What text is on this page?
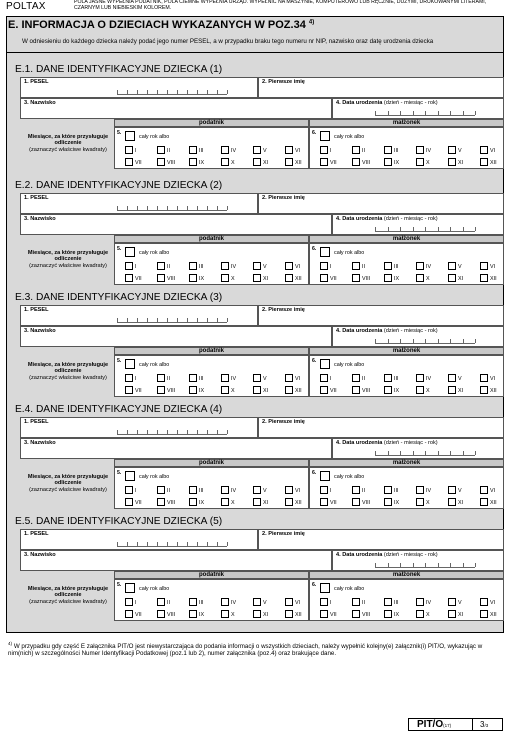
POLTAX	POLA JASNE WYPEŁNIA PODATNIK, POLA CIEMNE WYPEŁNIA URZĄD. WYPEŁNIĆ NA MASZYNIE, KOMPUTEROWO LUB RĘCZNIE, DUŻYMI, DRUKOWANYMI LITERAMI, CZARNYM LUB NIEBIESKIM KOLOREM.
E. INFORMACJA O DZIECIACH WYKAZANYCH W POZ.34 $^{4)}$
W odniesieniu do każdego dziecka należy podać jego numer PESEL, a w przypadku braku tego numeru nr NIP, nazwisko oraz datę urodzenia dziecka
E.1. DANE IDENTYFIKACYJNE DZIECKA (1)
1. PESEL	2. Pierwsze imię
3. Nazwisko	4. Data urodzenia (dzień - miesiąc - rok)
podatnik	małżonek
Miesiące, za które przysługuje odliczenie
(zaznaczyć właściwe kwadraty)
5.
cały rok albo
I	II	III	IV	V	VI
VII	VIII	IX	X	XI	XII
6.
cały rok albo
I	II	III	IV	V	VI
VII	VIII	IX	X	XI	XII
E.2. DANE IDENTYFIKACYJNE DZIECKA (2)
1. PESEL	2. Pierwsze imię
3. Nazwisko	4. Data urodzenia (dzień - miesiąc - rok)
podatnik	małżonek
Miesiące, za które przysługuje odliczenie
(zaznaczyć właściwe kwadraty)
5.
cały rok albo
I	II	III	IV	V	VI
VII	VIII	IX	X	XI	XII
6.
cały rok albo
I	II	III	IV	V	VI
VII	VIII	IX	X	XI	XII
E.3. DANE IDENTYFIKACYJNE DZIECKA (3)
1. PESEL	2. Pierwsze imię
3. Nazwisko	4. Data urodzenia (dzień - miesiąc - rok)
podatnik	małżonek
Miesiące, za które przysługuje odliczenie
(zaznaczyć właściwe kwadraty)
5.
cały rok albo
I	II	III	IV	V	VI
VII	VIII	IX	X	XI	XII
6.
cały rok albo
I	II	III	IV	V	VI
VII	VIII	IX	X	XI	XII
E.4. DANE IDENTYFIKACYJNE DZIECKA (4)
1. PESEL	2. Pierwsze imię
3. Nazwisko	4. Data urodzenia (dzień - miesiąc - rok)
podatnik	małżonek
Miesiące, za które przysługuje odliczenie
(zaznaczyć właściwe kwadraty)
5.
cały rok albo
I	II	III	IV	V	VI
VII	VIII	IX	X	XI	XII
6.
cały rok albo
I	II	III	IV	V	VI
VII	VIII	IX	X	XI	XII
E.5. DANE IDENTYFIKACYJNE DZIECKA (5)
1. PESEL	2. Pierwsze imię
3. Nazwisko	4. Data urodzenia (dzień - miesiąc - rok)
podatnik	małżonek
Miesiące, za które przysługuje odliczenie
(zaznaczyć właściwe kwadraty)
5.
cały rok albo
I	II	III	IV	V	VI
VII	VIII	IX	X	XI	XII
6.
cały rok albo
I	II	III	IV	V	VI
VII	VIII	IX	X	XI	XII
$^{4)}$ W przypadku gdy część E załącznika PIT/O jest niewystarczająca do podania informacji o wszystkich dzieciach, należy wypełnić kolejny(e) załącznik(i) PIT/O, wykazując w nim(nich) w szczególności Numer Identyfikacji Podatkowej (poz.1 lub 2), numer załącznika (poz.4) oraz brakujące dane.
PIT/O(17)	3/3
